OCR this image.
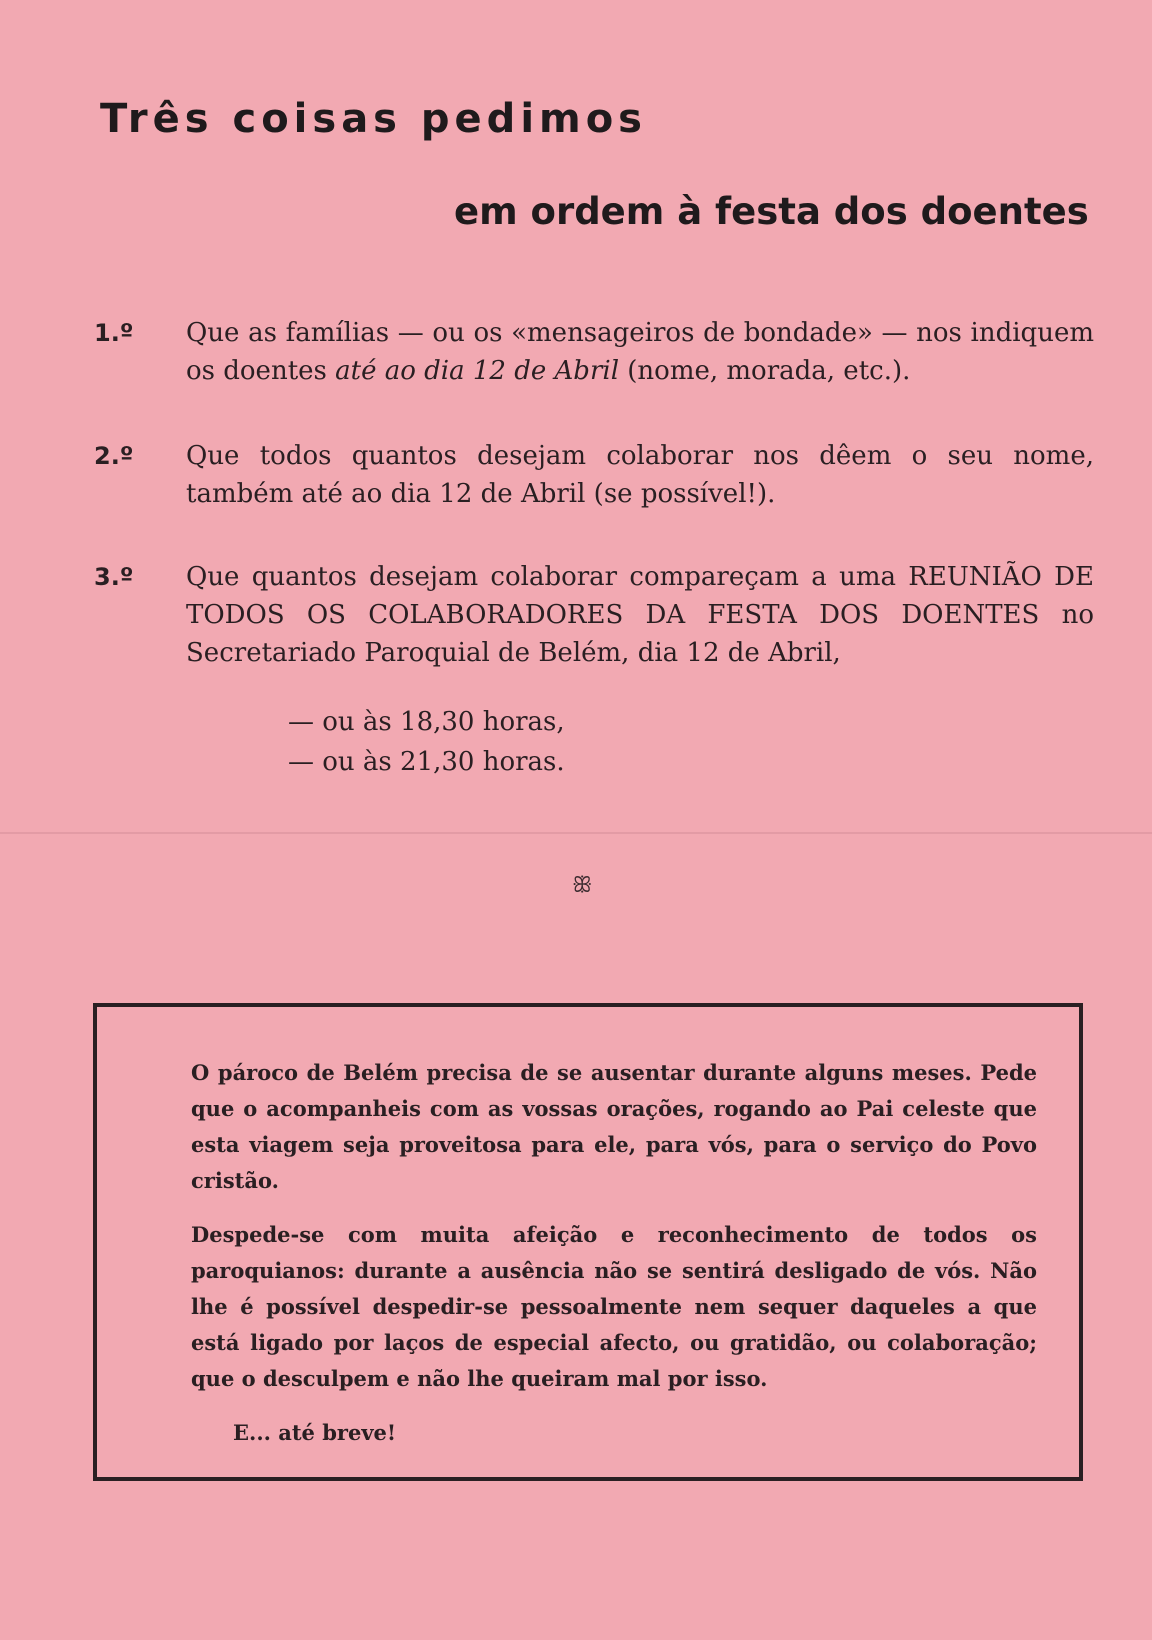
Três coisas pedimos
em ordem à festa dos doentes
1.º Que as famílias — ou os «mensageiros de bondade» — nos indiquem os doentes até ao dia 12 de Abril (nome, morada, etc.).
2.º Que todos quantos desejam colaborar nos dêem o seu nome, também até ao dia 12 de Abril (se possível!).
3.º Que quantos desejam colaborar compareçam a uma REUNIÃO DE TODOS OS COLABORADORES DA FESTA DOS DOENTES no Secretariado Paroquial de Belém, dia 12 de Abril,
— ou às 18,30 horas,
— ou às 21,30 horas.
ꕥ

O pároco de Belém precisa de se ausentar durante alguns meses. Pede que o acompanheis com as vossas orações, rogando ao Pai celeste que esta viagem seja proveitosa para ele, para vós, para o serviço do Povo cristão.

Despede-se com muita afeição e reconhecimento de todos os paroquianos: durante a ausência não se sentirá desligado de vós. Não lhe é possível despedir-se pessoalmente nem sequer daqueles a que está ligado por laços de especial afecto, ou gratidão, ou colaboração; que o desculpem e não lhe queiram mal por isso.

E... até breve!
